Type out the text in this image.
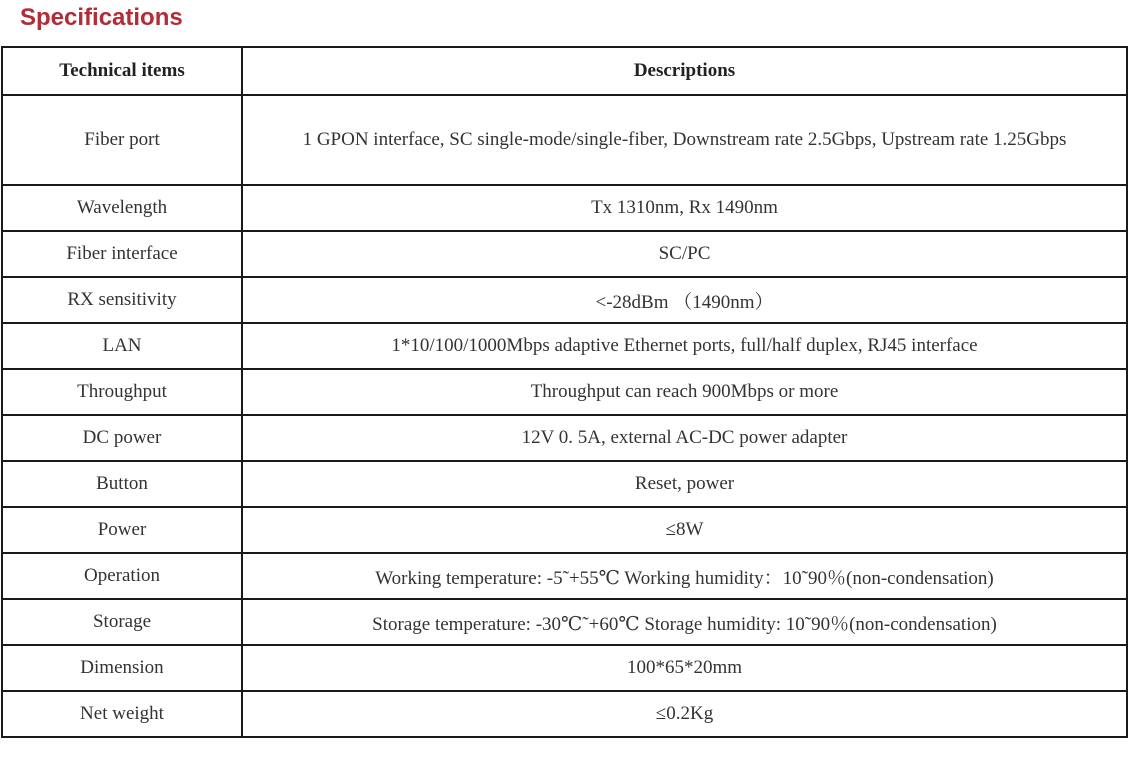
Specifications
Technical items	Descriptions
Fiber port	1 GPON interface, SC single-mode/single-fiber, Downstream rate 2.5Gbps, Upstream rate 1.25Gbps
Wavelength	Tx 1310nm, Rx 1490nm
Fiber interface	SC/PC
RX sensitivity	<-28dBm （1490nm）
LAN	1*10/100/1000Mbps adaptive Ethernet ports, full/half duplex, RJ45 interface
Throughput	Throughput can reach 900Mbps or more
DC power	12V 0. 5A, external AC-DC power adapter
Button	Reset, power
Power	≤8W
Operation	Working temperature: -5˜+55℃ Working humidity：10˜90％(non-condensation)
Storage	Storage temperature: -30℃˜+60℃ Storage humidity: 10˜90％(non-condensation)
Dimension	100*65*20mm
Net weight	≤0.2Kg
